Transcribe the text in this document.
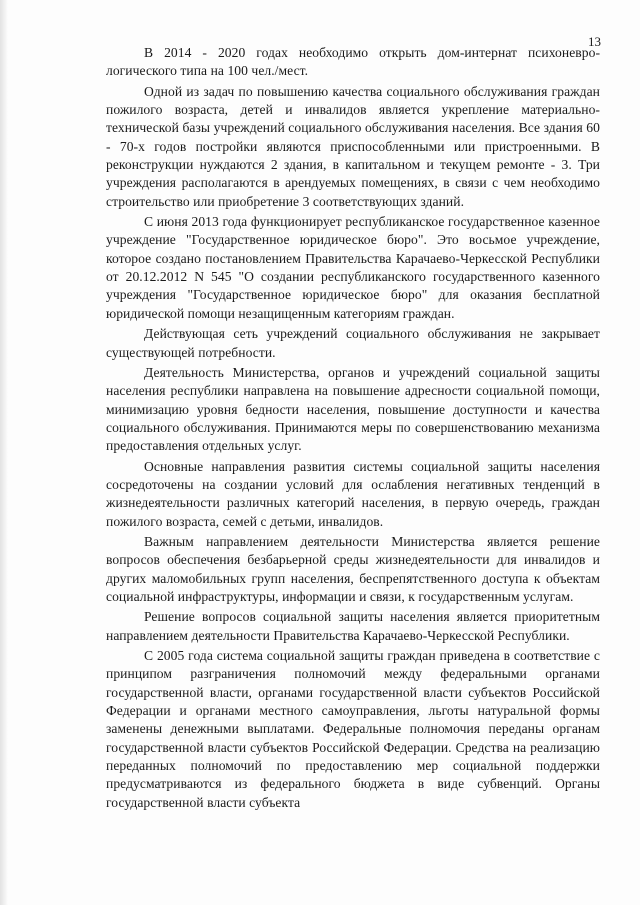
13

В 2014 - 2020 годах необходимо открыть дом-интернат психоневрологического типа на 100 чел./мест.

Одной из задач по повышению качества социального обслуживания граждан пожилого возраста, детей и инвалидов является укрепление материально-технической базы учреждений социального обслуживания населения. Все здания 60 - 70-х годов постройки являются приспособленными или пристроенными. В реконструкции нуждаются 2 здания, в капитальном и текущем ремонте - 3. Три учреждения располагаются в арендуемых помещениях, в связи с чем необходимо строительство или приобретение 3 соответствующих зданий.

С июня 2013 года функционирует республиканское государственное казенное учреждение "Государственное юридическое бюро". Это восьмое учреждение, которое создано постановлением Правительства Карачаево-Черкесской Республики от 20.12.2012 N 545 "О создании республиканского государственного казенного учреждения "Государственное юридическое бюро" для оказания бесплатной юридической помощи незащищенным категориям граждан.

Действующая сеть учреждений социального обслуживания не закрывает существующей потребности.

Деятельность Министерства, органов и учреждений социальной защиты населения республики направлена на повышение адресности социальной помощи, минимизацию уровня бедности населения, повышение доступности и качества социального обслуживания. Принимаются меры по совершенствованию механизма предоставления отдельных услуг.

Основные направления развития системы социальной защиты населения сосредоточены на создании условий для ослабления негативных тенденций в жизнедеятельности различных категорий населения, в первую очередь, граждан пожилого возраста, семей с детьми, инвалидов.

Важным направлением деятельности Министерства является решение вопросов обеспечения безбарьерной среды жизнедеятельности для инвалидов и других маломобильных групп населения, беспрепятственного доступа к объектам социальной инфраструктуры, информации и связи, к государственным услугам.

Решение вопросов социальной защиты населения является приоритетным направлением деятельности Правительства Карачаево-Черкесской Республики.

С 2005 года система социальной защиты граждан приведена в соответствие с принципом разграничения полномочий между федеральными органами государственной власти, органами государственной власти субъектов Российской Федерации и органами местного самоуправления, льготы натуральной формы заменены денежными выплатами. Федеральные полномочия переданы органам государственной власти субъектов Российской Федерации. Средства на реализацию переданных полномочий по предоставлению мер социальной поддержки предусматриваются из федерального бюджета в виде субвенций. Органы государственной власти субъекта
